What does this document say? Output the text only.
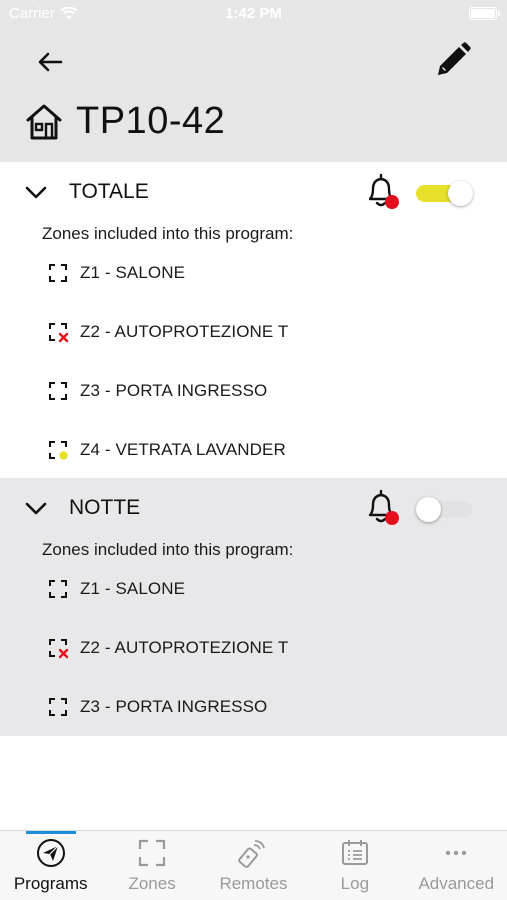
Carrier	1:42 PM
TP10-42
TOTALE
Zones included into this program:
Z1 - SALONE
Z2 - AUTOPROTEZIONE T
Z3 - PORTA INGRESSO
Z4 - VETRATA LAVANDER
NOTTE
Zones included into this program:
Z1 - SALONE
Z2 - AUTOPROTEZIONE T
Z3 - PORTA INGRESSO
Programs	Zones	Remotes	Log	Advanced
